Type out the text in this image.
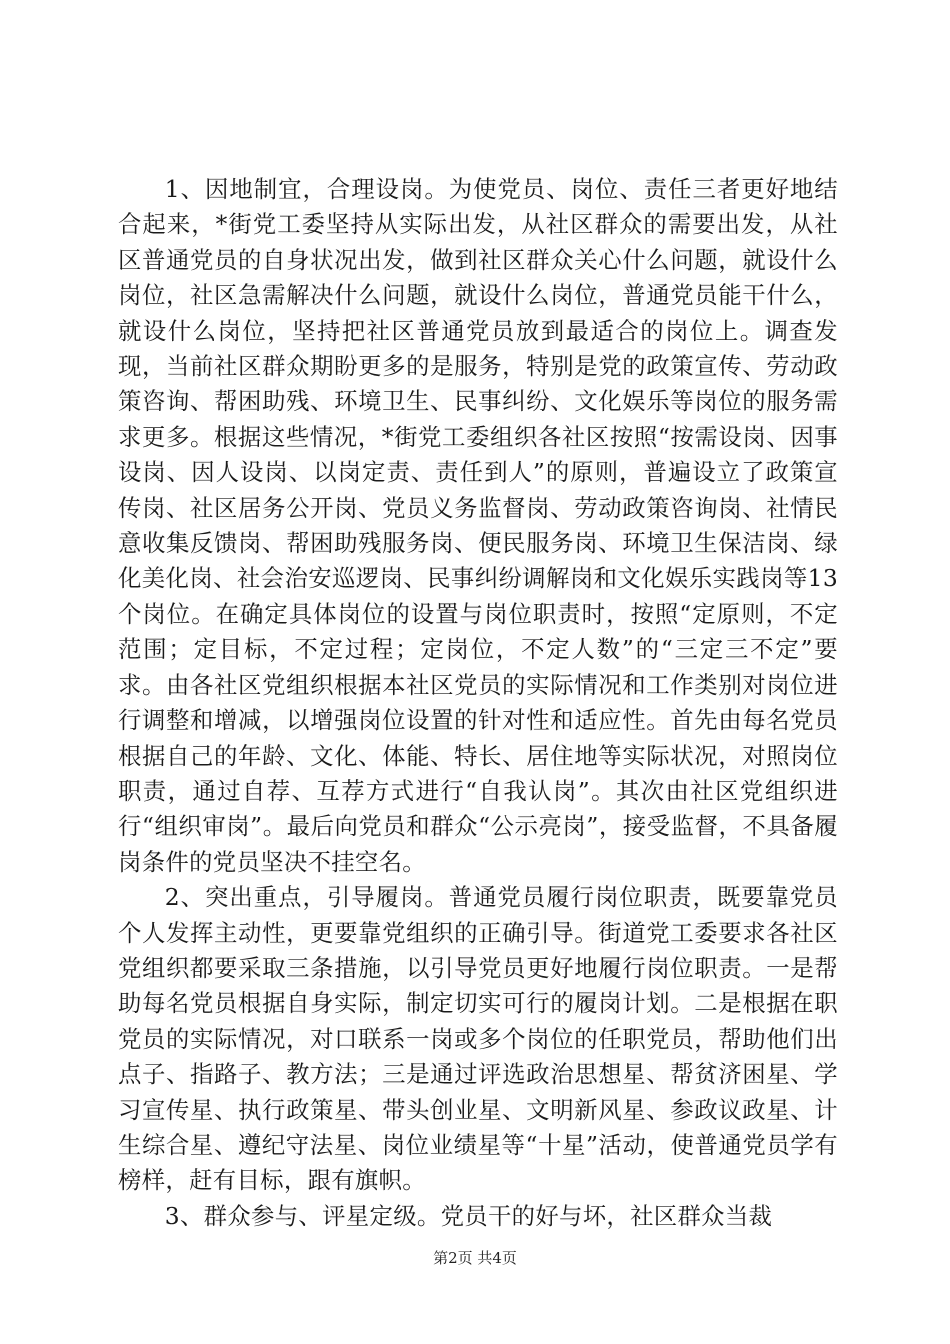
1、因地制宜，合理设岗。为使党员、岗位、责任三者更好地结合起来，*街党工委坚持从实际出发，从社区群众的需要出发，从社区普通党员的自身状况出发，做到社区群众关心什么问题，就设什么岗位，社区急需解决什么问题，就设什么岗位，普通党员能干什么，就设什么岗位，坚持把社区普通党员放到最适合的岗位上。调查发现，当前社区群众期盼更多的是服务，特别是党的政策宣传、劳动政策咨询、帮困助残、环境卫生、民事纠纷、文化娱乐等岗位的服务需求更多。根据这些情况，*街党工委组织各社区按照“按需设岗、因事设岗、因人设岗、以岗定责、责任到人”的原则，普遍设立了政策宣传岗、社区居务公开岗、党员义务监督岗、劳动政策咨询岗、社情民意收集反馈岗、帮困助残服务岗、便民服务岗、环境卫生保洁岗、绿化美化岗、社会治安巡逻岗、民事纠纷调解岗和文化娱乐实践岗等13个岗位。在确定具体岗位的设置与岗位职责时，按照“定原则，不定范围；定目标，不定过程；定岗位，不定人数”的“三定三不定”要求。由各社区党组织根据本社区党员的实际情况和工作类别对岗位进行调整和增减，以增强岗位设置的针对性和适应性。首先由每名党员根据自己的年龄、文化、体能、特长、居住地等实际状况，对照岗位职责，通过自荐、互荐方式进行“自我认岗”。其次由社区党组织进行“组织审岗”。最后向党员和群众“公示亮岗”，接受监督，不具备履岗条件的党员坚决不挂空名。

2、突出重点，引导履岗。普通党员履行岗位职责，既要靠党员个人发挥主动性，更要靠党组织的正确引导。街道党工委要求各社区党组织都要采取三条措施，以引导党员更好地履行岗位职责。一是帮助每名党员根据自身实际，制定切实可行的履岗计划。二是根据在职党员的实际情况，对口联系一岗或多个岗位的任职党员，帮助他们出点子、指路子、教方法；三是通过评选政治思想星、帮贫济困星、学习宣传星、执行政策星、带头创业星、文明新风星、参政议政星、计生综合星、遵纪守法星、岗位业绩星等“十星”活动，使普通党员学有榜样，赶有目标，跟有旗帜。

3、群众参与、评星定级。党员干的好与坏，社区群众当裁

第2页 共4页
